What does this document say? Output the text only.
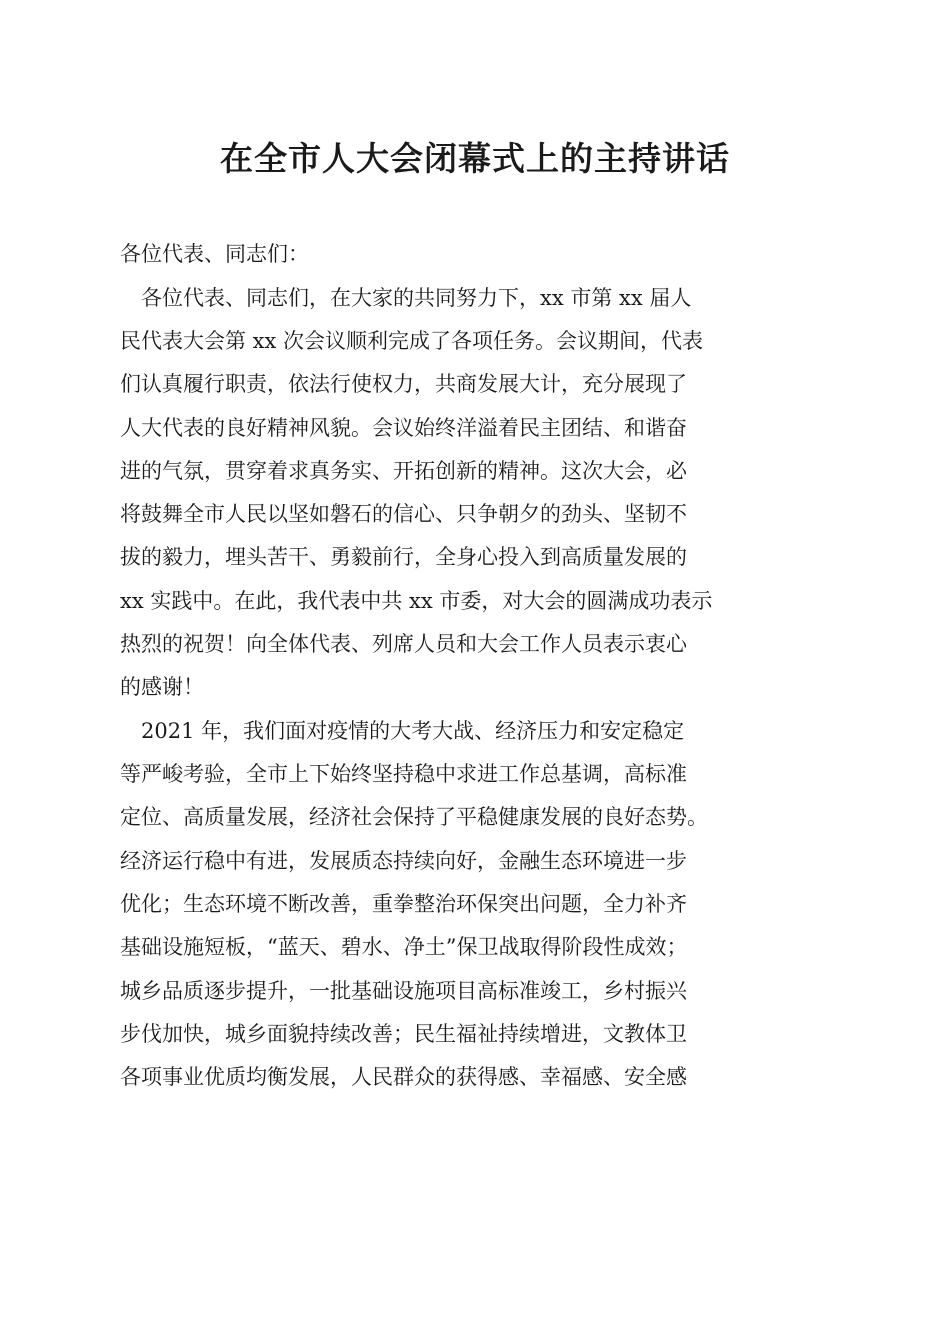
在全市人大会闭幕式上的主持讲话

各位代表、同志们：

　各位代表、同志们，在大家的共同努力下，xx 市第 xx 届人

民代表大会第 xx 次会议顺利完成了各项任务。会议期间，代表

们认真履行职责，依法行使权力，共商发展大计，充分展现了

人大代表的良好精神风貌。会议始终洋溢着民主团结、和谐奋

进的气氛，贯穿着求真务实、开拓创新的精神。这次大会，必

将鼓舞全市人民以坚如磐石的信心、只争朝夕的劲头、坚韧不

拔的毅力，埋头苦干、勇毅前行，全身心投入到高质量发展的

xx 实践中。在此，我代表中共 xx 市委，对大会的圆满成功表示

热烈的祝贺！向全体代表、列席人员和大会工作人员表示衷心

的感谢！

　2021 年，我们面对疫情的大考大战、经济压力和安定稳定

等严峻考验，全市上下始终坚持稳中求进工作总基调，高标准

定位、高质量发展，经济社会保持了平稳健康发展的良好态势。

经济运行稳中有进，发展质态持续向好，金融生态环境进一步

优化；生态环境不断改善，重拳整治环保突出问题，全力补齐

基础设施短板，“蓝天、碧水、净土”保卫战取得阶段性成效；

城乡品质逐步提升，一批基础设施项目高标准竣工，乡村振兴

步伐加快，城乡面貌持续改善；民生福祉持续增进，文教体卫

各项事业优质均衡发展，人民群众的获得感、幸福感、安全感
